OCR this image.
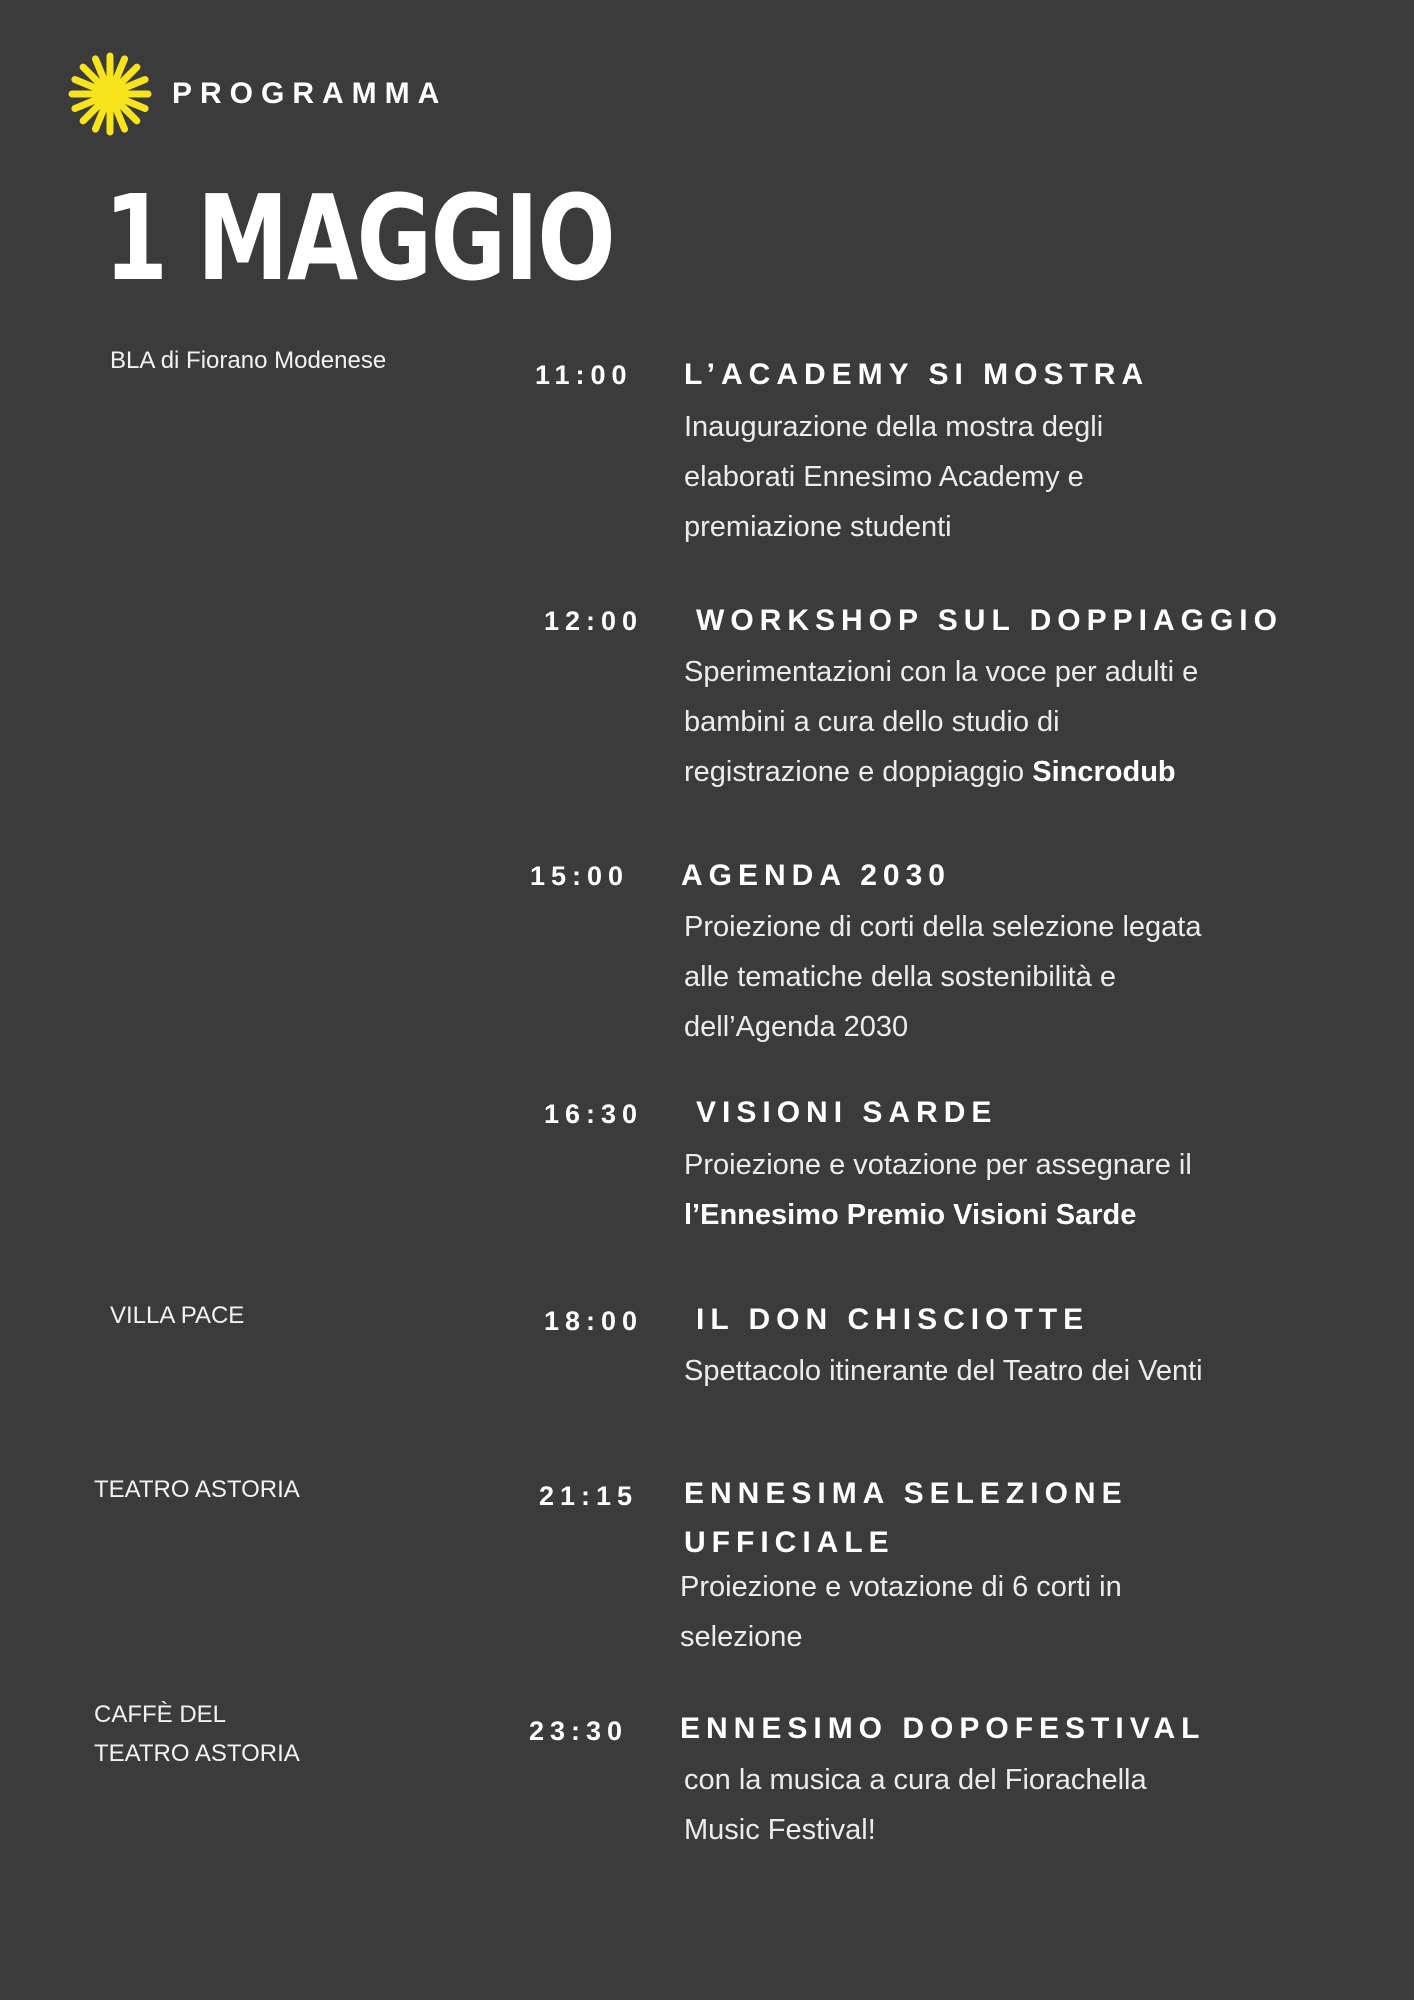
PROGRAMMA
1 MAGGIO
BLA di Fiorano Modenese
VILLA PACE
TEATRO ASTORIA
CAFFÈ DEL
TEATRO ASTORIA
11:00 L’ACADEMY SI MOSTRA
Inaugurazione della mostra degli
elaborati Ennesimo Academy e
premiazione studenti
12:00 WORKSHOP SUL DOPPIAGGIO
Sperimentazioni con la voce per adulti e
bambini a cura dello studio di
registrazione e doppiaggio Sincrodub
15:00 AGENDA 2030
Proiezione di corti della selezione legata
alle tematiche della sostenibilità e
dell’Agenda 2030
16:30 VISIONI SARDE
Proiezione e votazione per assegnare il
l’Ennesimo Premio Visioni Sarde
18:00 IL DON CHISCIOTTE
Spettacolo itinerante del Teatro dei Venti
21:15 ENNESIMA SELEZIONE
UFFICIALE
Proiezione e votazione di 6 corti in
selezione
23:30 ENNESIMO DOPOFESTIVAL
con la musica a cura del Fiorachella
Music Festival!
